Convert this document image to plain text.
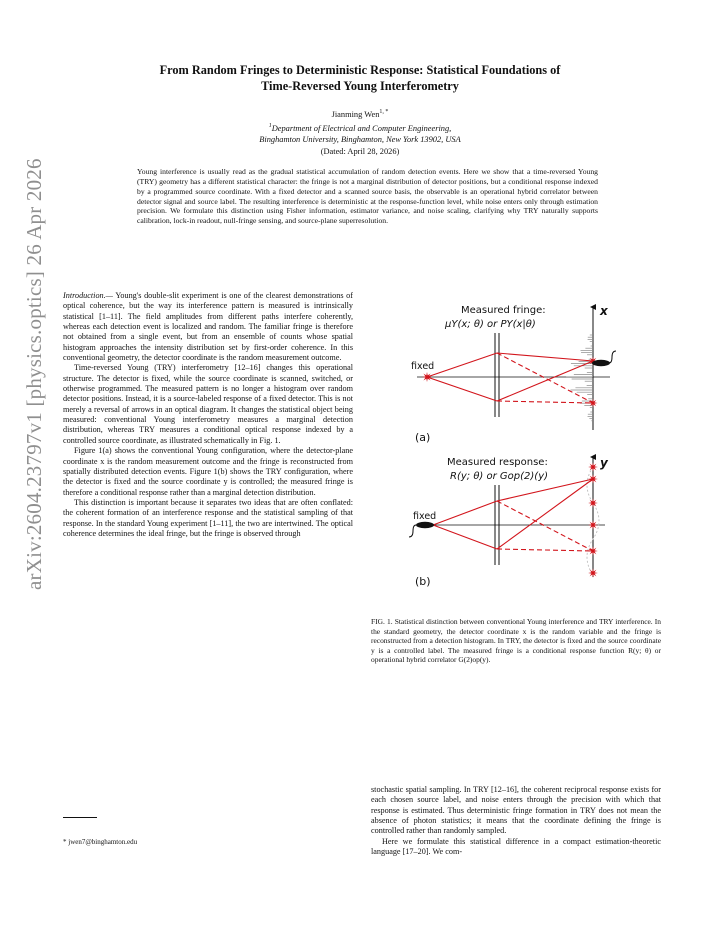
arXiv:2604.23797v1 [physics.optics] 26 Apr 2026
From Random Fringes to Deterministic Response: Statistical Foundations of
Time-Reversed Young Interferometry
Jianming Wen$^{1, *}$
$^1$Department of Electrical and Computer Engineering,
Binghamton University, Binghamton, New York 13902, USA
(Dated: April 28, 2026)
Young interference is usually read as the gradual statistical accumulation of random detection events. Here we show that a time-reversed Young (TRY) geometry has a different statistical character: the fringe is not a marginal distribution of detector positions, but a conditional response indexed by a programmed source coordinate. With a fixed detector and a scanned source basis, the observable is an operational hybrid correlator between detector signal and source label. The resulting interference is deterministic at the response-function level, while noise enters only through estimation precision. We formulate this distinction using Fisher information, estimator variance, and noise scaling, clarifying why TRY naturally supports calibration, lock-in readout, null-fringe sensing, and source-plane superresolution.

Introduction.— Young's double-slit experiment is one of the clearest demonstrations of optical coherence, but the way its interference pattern is measured is intrinsically statistical [1–11]. The field amplitudes from different paths interfere coherently, whereas each detection event is localized and random. The familiar fringe is therefore not obtained from a single event, but from an ensemble of counts whose spatial histogram approaches the intensity distribution set by first-order coherence. In this conventional geometry, the detector coordinate is the random measurement outcome.

Time-reversed Young (TRY) interferometry [12–16] changes this operational structure. The detector is fixed, while the source coordinate is scanned, switched, or otherwise programmed. The measured pattern is no longer a histogram over random detector positions. Instead, it is a source-labeled response of a fixed detector. This is not merely a reversal of arrows in an optical diagram. It changes the statistical object being measured: conventional Young interferometry measures a marginal detection distribution, whereas TRY measures a conditional optical response indexed by a controlled source coordinate, as illustrated schematically in Fig. 1.

Figure 1(a) shows the conventional Young configuration, where the detector-plane coordinate x is the random measurement outcome and the fringe is reconstructed from spatially distributed detection events. Figure 1(b) shows the TRY configuration, where the detector is fixed and the source coordinate y is controlled; the measured fringe is therefore a conditional response rather than a marginal detection distribution.

This distinction is important because it separates two ideas that are often conflated: the coherent formation of an interference response and the statistical sampling of that response. In the standard Young experiment [1–11], the two are intertwined. The optical coherence determines the ideal fringe, but the fringe is observed through

* jwen7@binghamton.edu
Measured fringe:
μY(x; θ) or PY(x|θ)
fixed
(a)
x
Measured response:
R(y; θ) or Gop(2)(y)
fixed
(b)
y
FIG. 1. Statistical distinction between conventional Young interference and TRY interference. In the standard geometry, the detector coordinate x is the random variable and the fringe is reconstructed from a detection histogram. In TRY, the detector is fixed and the source coordinate y is a controlled label. The measured fringe is a conditional response function R(y; θ) or operational hybrid correlator G(2)op(y).

stochastic spatial sampling. In TRY [12–16], the coherent reciprocal response exists for each chosen source label, and noise enters through the precision with which that response is estimated. Thus deterministic fringe formation in TRY does not mean the absence of photon statistics; it means that the coordinate defining the fringe is controlled rather than randomly sampled.

Here we formulate this statistical difference in a compact estimation-theoretic language [17–20]. We com-
